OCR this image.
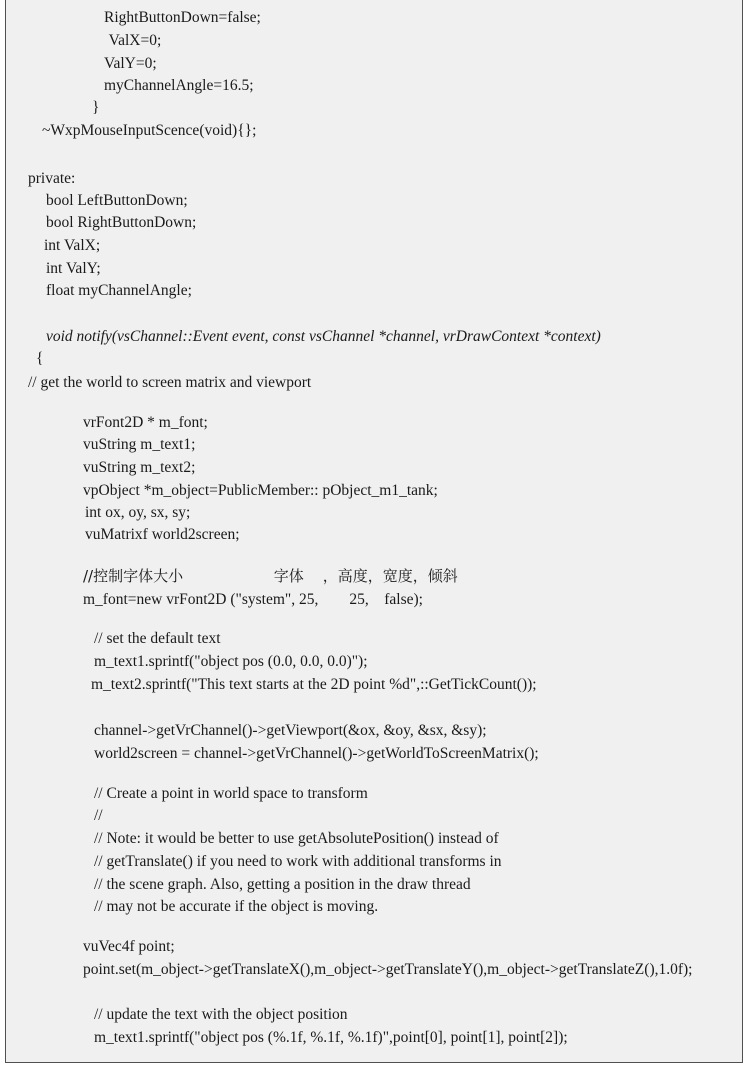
RightButtonDown=false;
ValX=0;
ValY=0;
myChannelAngle=16.5;
}
~WxpMouseInputScence(void){};
private:
bool LeftButtonDown;
bool RightButtonDown;
int ValX;
int ValY;
float myChannelAngle;
void notify(vsChannel::Event event, const vsChannel *channel, vrDrawContext *context)
{
// get the world to screen matrix and viewport
vrFont2D * m_font;
vuString m_text1;
vuString m_text2;
vpObject *m_object=PublicMember:: pObject_m1_tank;
int ox, oy, sx, sy;
vuMatrixf world2screen;
//控制字体大小                   字体    ，高度，宽度，倾斜
m_font=new vrFont2D ("system", 25,        25,    false);
// set the default text
m_text1.sprintf("object pos (0.0, 0.0, 0.0)");
m_text2.sprintf("This text starts at the 2D point %d",::GetTickCount());
channel->getVrChannel()->getViewport(&ox, &oy, &sx, &sy);
world2screen = channel->getVrChannel()->getWorldToScreenMatrix();
// Create a point in world space to transform
//
// Note: it would be better to use getAbsolutePosition() instead of
// getTranslate() if you need to work with additional transforms in
// the scene graph. Also, getting a position in the draw thread
// may not be accurate if the object is moving.
vuVec4f point;
point.set(m_object->getTranslateX(),m_object->getTranslateY(),m_object->getTranslateZ(),1.0f);
// update the text with the object position
m_text1.sprintf("object pos (%.1f, %.1f, %.1f)",point[0], point[1], point[2]);
